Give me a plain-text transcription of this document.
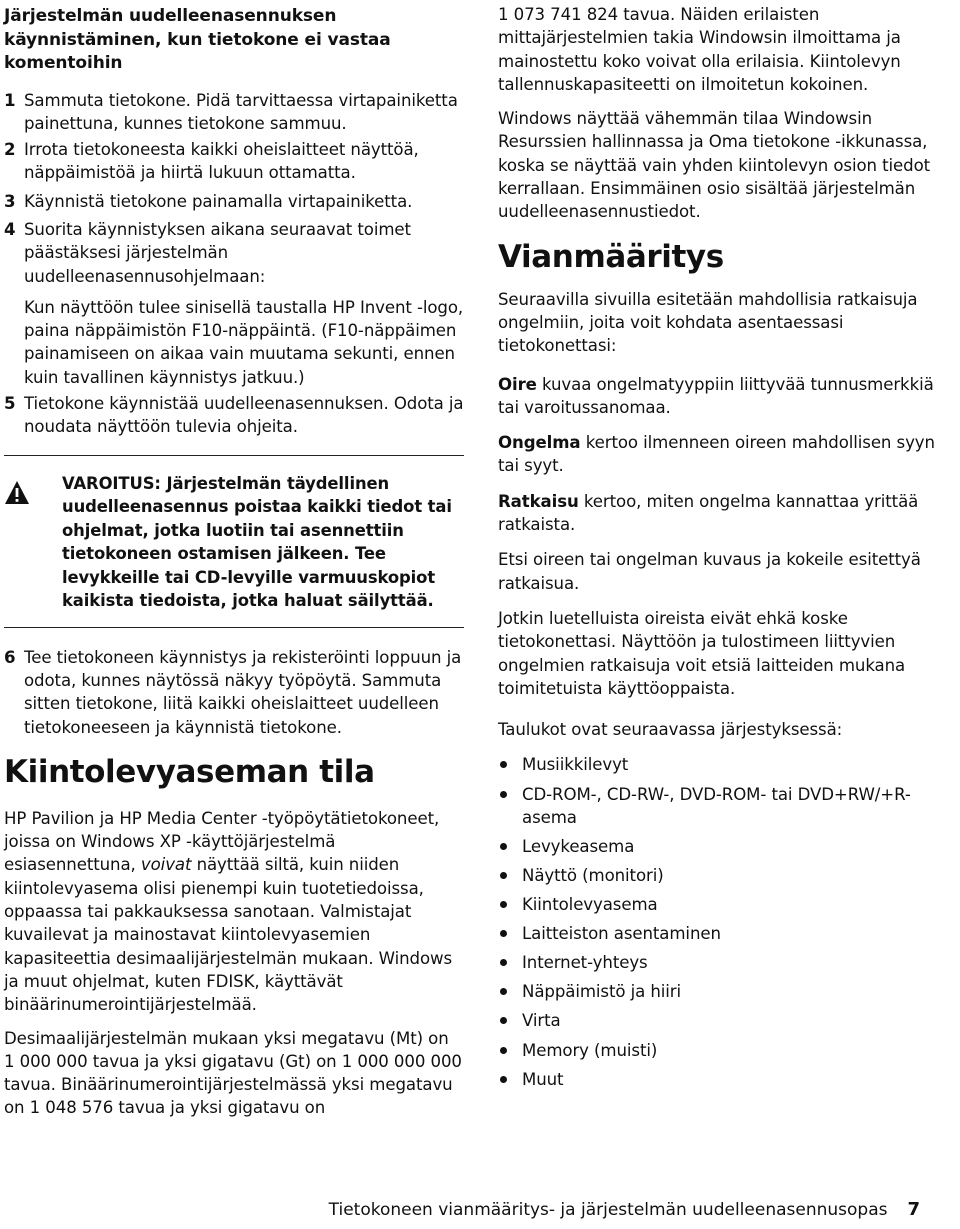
Järjestelmän uudelleenasennuksen käynnistäminen, kun tietokone ei vastaa komentoihin
1 Sammuta tietokone. Pidä tarvittaessa virtapainiketta painettuna, kunnes tietokone sammuu.
2 Irrota tietokoneesta kaikki oheislaitteet näyttöä, näppäimistöä ja hiirtä lukuun ottamatta.
3 Käynnistä tietokone painamalla virtapainiketta.
4 Suorita käynnistyksen aikana seuraavat toimet päästäksesi järjestelmän uudelleenasennusohjelmaan:
Kun näyttöön tulee sinisellä taustalla HP Invent -logo, paina näppäimistön F10-näppäintä. (F10-näppäimen painamiseen on aikaa vain muutama sekunti, ennen kuin tavallinen käynnistys jatkuu.)
5 Tietokone käynnistää uudelleenasennuksen. Odota ja noudata näyttöön tulevia ohjeita.
VAROITUS: Järjestelmän täydellinen uudelleenasennus poistaa kaikki tiedot tai ohjelmat, jotka luotiin tai asennettiin tietokoneen ostamisen jälkeen. Tee levykkeille tai CD-levyille varmuuskopiot kaikista tiedoista, jotka haluat säilyttää.
6 Tee tietokoneen käynnistys ja rekisteröinti loppuun ja odota, kunnes näytössä näkyy työpöytä. Sammuta sitten tietokone, liitä kaikki oheislaitteet uudelleen tietokoneeseen ja käynnistä tietokone.
Kiintolevyaseman tila

HP Pavilion ja HP Media Center -työpöytätietokoneet, joissa on Windows XP -käyttöjärjestelmä esiasennettuna, voivat näyttää siltä, kuin niiden kiintolevyasema olisi pienempi kuin tuotetiedoissa, oppaassa tai pakkauksessa sanotaan. Valmistajat kuvailevat ja mainostavat kiintolevyasemien kapasiteettia desimaalijärjestelmän mukaan. Windows ja muut ohjelmat, kuten FDISK, käyttävät binäärinumerointijärjestelmää.

Desimaalijärjestelmän mukaan yksi megatavu (Mt) on 1 000 000 tavua ja yksi gigatavu (Gt) on 1 000 000 000 tavua. Binäärinumerointijärjestelmässä yksi megatavu on 1 048 576 tavua ja yksi gigatavu on

1 073 741 824 tavua. Näiden erilaisten mittajärjestelmien takia Windowsin ilmoittama ja mainostettu koko voivat olla erilaisia. Kiintolevyn tallennuskapasiteetti on ilmoitetun kokoinen.

Windows näyttää vähemmän tilaa Windowsin Resurssien hallinnassa ja Oma tietokone -ikkunassa, koska se näyttää vain yhden kiintolevyn osion tiedot kerrallaan. Ensimmäinen osio sisältää järjestelmän uudelleenasennustiedot.

Vianmääritys

Seuraavilla sivuilla esitetään mahdollisia ratkaisuja ongelmiin, joita voit kohdata asentaessasi tietokonettasi:

Oire kuvaa ongelmatyyppiin liittyvää tunnusmerkkiä tai varoitussanomaa.

Ongelma kertoo ilmenneen oireen mahdollisen syyn tai syyt.

Ratkaisu kertoo, miten ongelma kannattaa yrittää ratkaista.

Etsi oireen tai ongelman kuvaus ja kokeile esitettyä ratkaisua.

Jotkin luetelluista oireista eivät ehkä koske tietokonettasi. Näyttöön ja tulostimeen liittyvien ongelmien ratkaisuja voit etsiä laitteiden mukana toimitetuista käyttöoppaista.

Taulukot ovat seuraavassa järjestyksessä:

Musiikkilevyt
CD-ROM-, CD-RW-, DVD-ROM- tai DVD+RW/+R-asema
Levykeasema
Näyttö (monitori)
Kiintolevyasema
Laitteiston asentaminen
Internet-yhteys
Näppäimistö ja hiiri
Virta
Memory (muisti)
Muut
Tietokoneen vianmääritys- ja järjestelmän uudelleenasennusopas 7
